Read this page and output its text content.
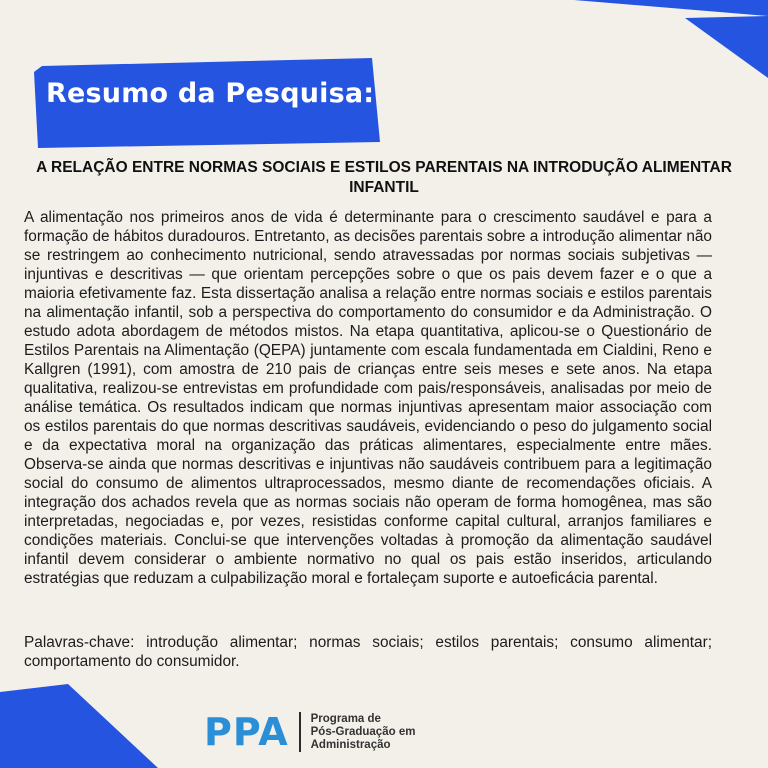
Resumo da Pesquisa:
A RELAÇÃO ENTRE NORMAS SOCIAIS E ESTILOS PARENTAIS NA INTRODUÇÃO ALIMENTAR INFANTIL

A alimentação nos primeiros anos de vida é determinante para o crescimento saudável e para a formação de hábitos duradouros. Entretanto, as decisões parentais sobre a introdução alimentar não se restringem ao conhecimento nutricional, sendo atravessadas por normas sociais subjetivas — injuntivas e descritivas — que orientam percepções sobre o que os pais devem fazer e o que a maioria efetivamente faz. Esta dissertação analisa a relação entre normas sociais e estilos parentais na alimentação infantil, sob a perspectiva do comportamento do consumidor e da Administração. O estudo adota abordagem de métodos mistos. Na etapa quantitativa, aplicou-se o Questionário de Estilos Parentais na Alimentação (QEPA) juntamente com escala fundamentada em Cialdini, Reno e Kallgren (1991), com amostra de 210 pais de crianças entre seis meses e sete anos. Na etapa qualitativa, realizou-se entrevistas em profundidade com pais/responsáveis, analisadas por meio de análise temática. Os resultados indicam que normas injuntivas apresentam maior associação com os estilos parentais do que normas descritivas saudáveis, evidenciando o peso do julgamento social e da expectativa moral na organização das práticas alimentares, especialmente entre mães. Observa-se ainda que normas descritivas e injuntivas não saudáveis contribuem para a legitimação social do consumo de alimentos ultraprocessados, mesmo diante de recomendações oficiais. A integração dos achados revela que as normas sociais não operam de forma homogênea, mas são interpretadas, negociadas e, por vezes, resistidas conforme capital cultural, arranjos familiares e condições materiais. Conclui-se que intervenções voltadas à promoção da alimentação saudável infantil devem considerar o ambiente normativo no qual os pais estão inseridos, articulando estratégias que reduzam a culpabilização moral e fortaleçam suporte e autoeficácia parental.

Palavras-chave: introdução alimentar; normas sociais; estilos parentais; consumo alimentar; comportamento do consumidor.

PPA Programa de
Pós-Graduação em
Administração
